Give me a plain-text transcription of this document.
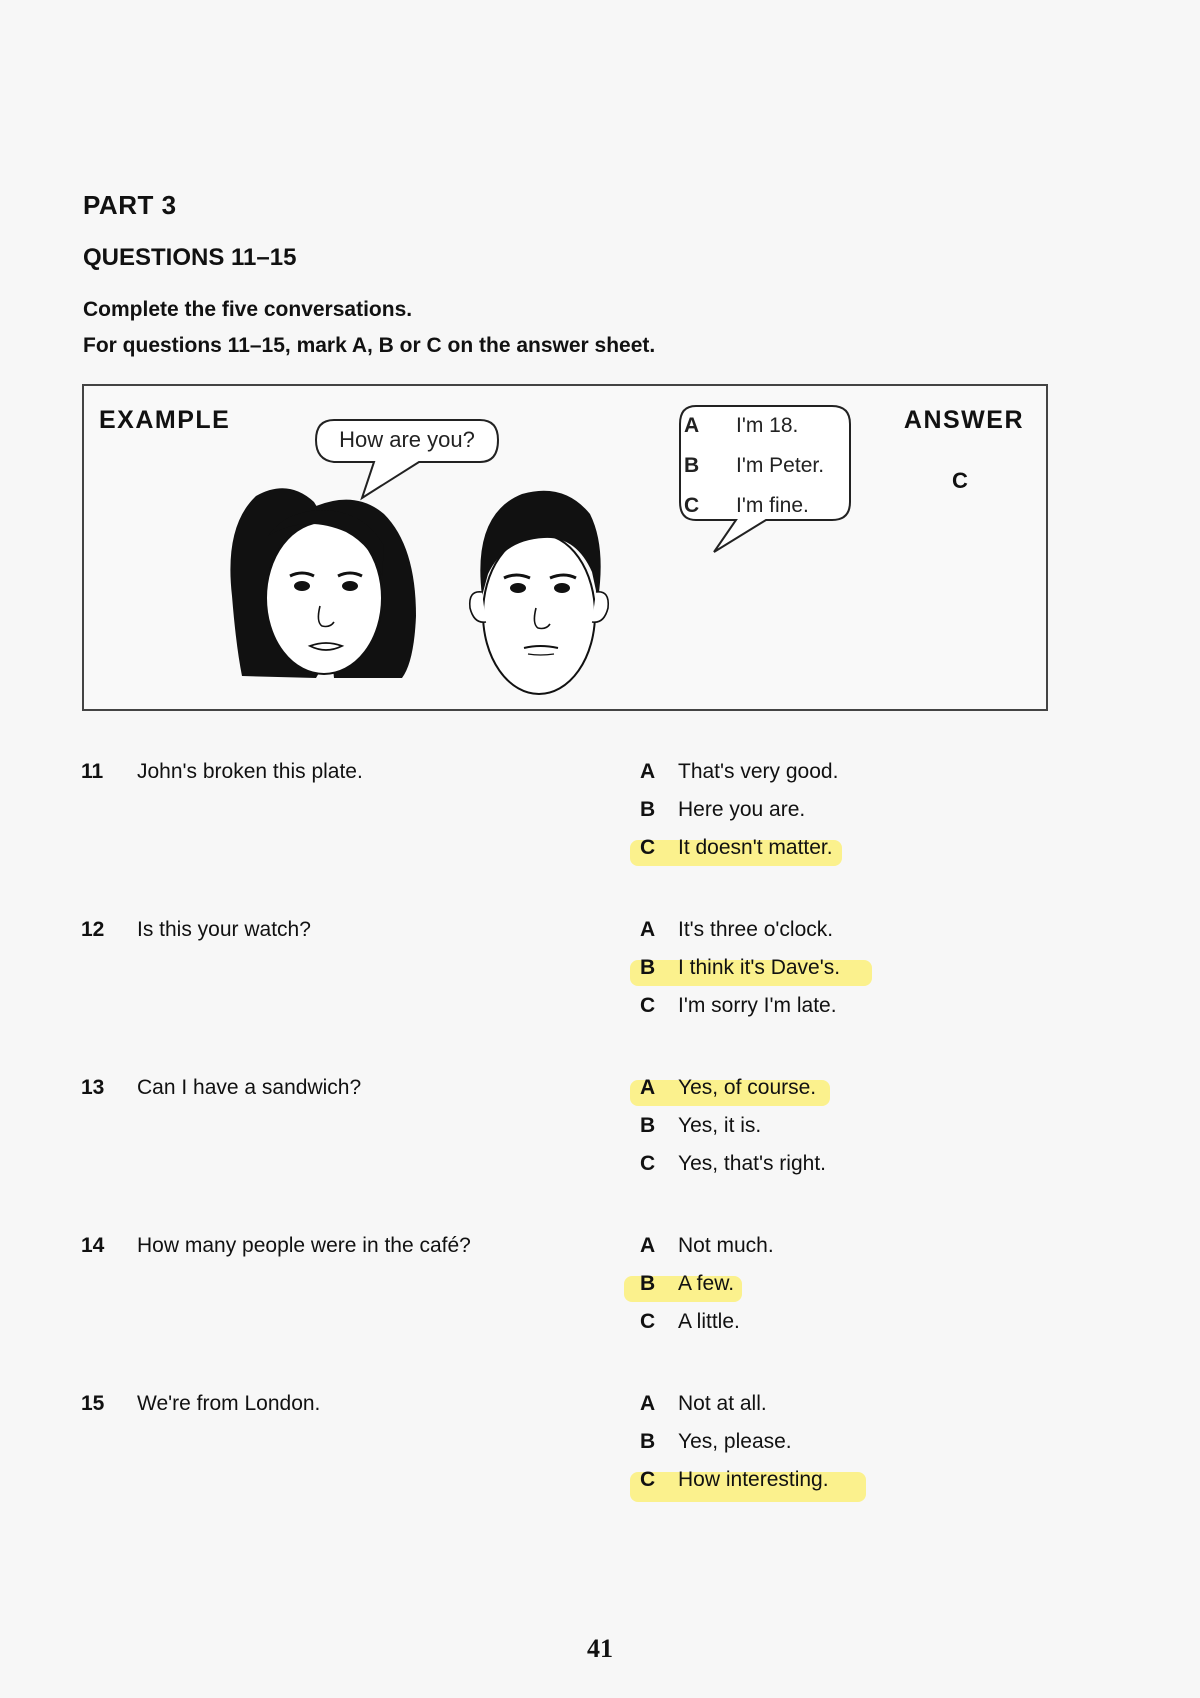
PART 3
QUESTIONS 11–15

Complete the five conversations.

For questions 11–15, mark A, B or C on the answer sheet.

EXAMPLE
How are you?
A I'm 18.
B I'm Peter.
C I'm fine.
ANSWER
C
11 John's broken this plate.	A That's very good.
B Here you are.
C It doesn't matter.
12 Is this your watch?	A It's three o'clock.
B I think it's Dave's.
C I'm sorry I'm late.
13 Can I have a sandwich?	A Yes, of course.
B Yes, it is.
C Yes, that's right.
14 How many people were in the café?	A Not much.
B A few.
C A little.
15 We're from London.	A Not at all.
B Yes, please.
C How interesting.
41
